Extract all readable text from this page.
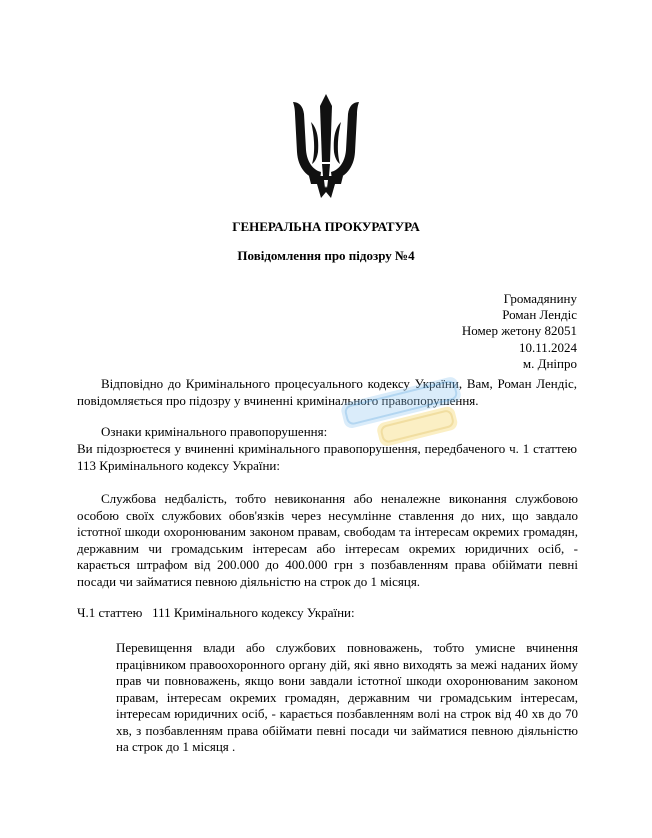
ГЕНЕРАЛЬНА ПРОКУРАТУРА
Повідомлення про підозру №4
Громадянину
Роман Лендіс
Номер жетону 82051
10.11.2024
м. Дніпро
Відповідно до Кримінального процесуального кодексу України, Вам, Роман Лендіс, повідомляється про підозру у вчиненні кримінального правопорушення.
Ознаки кримінального правопорушення:
Ви підозрюєтеся у вчиненні кримінального правопорушення, передбаченого ч. 1 статтею 113 Кримінального кодексу України:
Службова недбалість, тобто невиконання або неналежне виконання службовою особою своїх службових обов'язків через несумлінне ставлення до них, що завдало істотної шкоди охоронюваним законом правам, свободам та інтересам окремих громадян, державним чи громадським інтересам або інтересам окремих юридичних осіб, - карається штрафом від 200.000 до 400.000 грн з позбавленням права обіймати певні посади чи займатися певною діяльністю на строк до 1 місяця.
Ч.1 статтею   111 Кримінального кодексу України:
Перевищення влади або службових повноважень, тобто умисне вчинення працівником правоохоронного органу дій, які явно виходять за межі наданих йому прав чи повноважень, якщо вони завдали істотної шкоди охоронюваним законом правам, інтересам окремих громадян, державним чи громадським інтересам, інтересам юридичних осіб, - карається позбавленням волі на строк від 40 хв до 70 хв, з позбавленням права обіймати певні посади чи займатися певною діяльністю на строк до 1 місяця .
